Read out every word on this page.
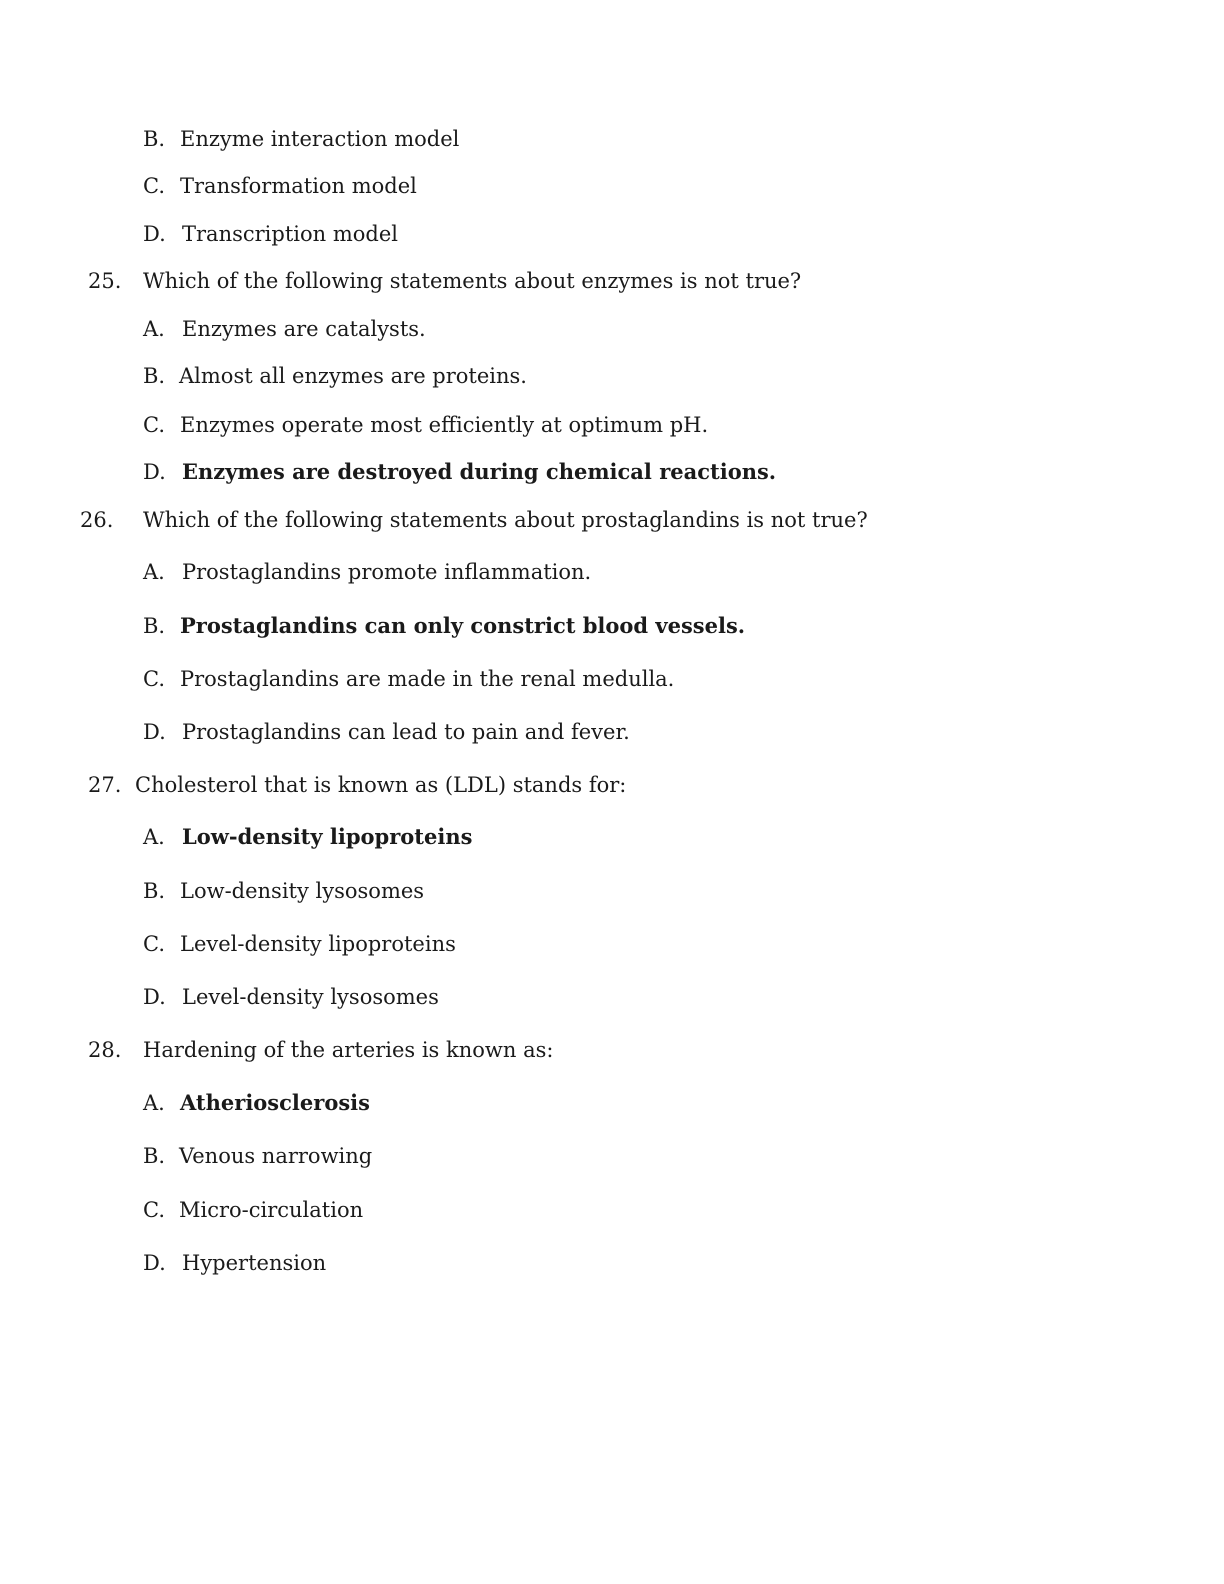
B. Enzyme interaction model
C. Transformation model
D. Transcription model
25. Which of the following statements about enzymes is not true?
A. Enzymes are catalysts.
B. Almost all enzymes are proteins.
C. Enzymes operate most efficiently at optimum pH.
D. Enzymes are destroyed during chemical reactions.
26. Which of the following statements about prostaglandins is not true?
A. Prostaglandins promote inflammation.
B. Prostaglandins can only constrict blood vessels.
C. Prostaglandins are made in the renal medulla.
D. Prostaglandins can lead to pain and fever.
27. Cholesterol that is known as (LDL) stands for:
A. Low-density lipoproteins
B. Low-density lysosomes
C. Level-density lipoproteins
D. Level-density lysosomes
28. Hardening of the arteries is known as:
A. Atheriosclerosis
B. Venous narrowing
C. Micro-circulation
D. Hypertension
